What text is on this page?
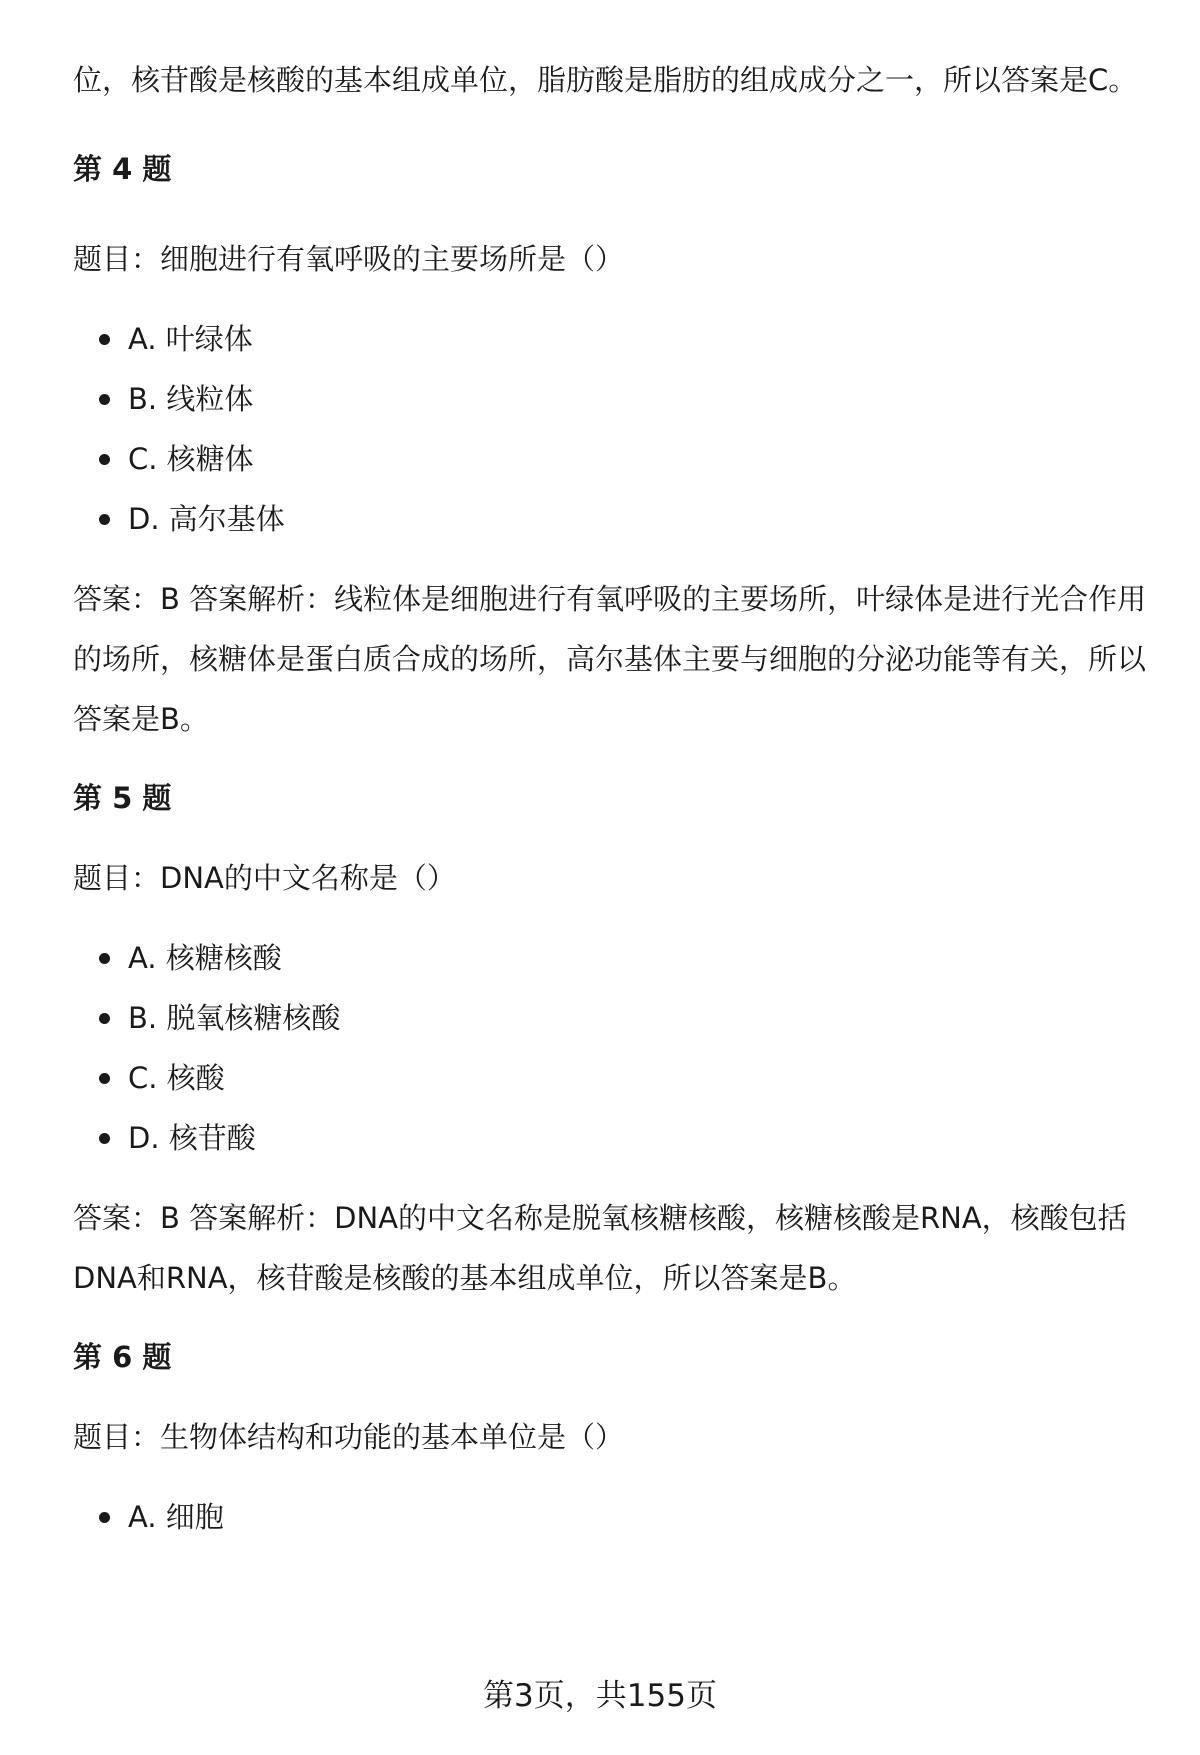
位，核苷酸是核酸的基本组成单位，脂肪酸是脂肪的组成成分之一，所以答案是C。

第 4 题

题目：细胞进行有氧呼吸的主要场所是（）

A. 叶绿体
B. 线粒体
C. 核糖体
D. 高尔基体

答案：B 答案解析：线粒体是细胞进行有氧呼吸的主要场所，叶绿体是进行光合作用的场所，核糖体是蛋白质合成的场所，高尔基体主要与细胞的分泌功能等有关，所以答案是B。

第 5 题

题目：DNA的中文名称是（）

A. 核糖核酸
B. 脱氧核糖核酸
C. 核酸
D. 核苷酸

答案：B 答案解析：DNA的中文名称是脱氧核糖核酸，核糖核酸是RNA，核酸包括DNA和RNA，核苷酸是核酸的基本组成单位，所以答案是B。

第 6 题

题目：生物体结构和功能的基本单位是（）

A. 细胞
第3页，共155页
